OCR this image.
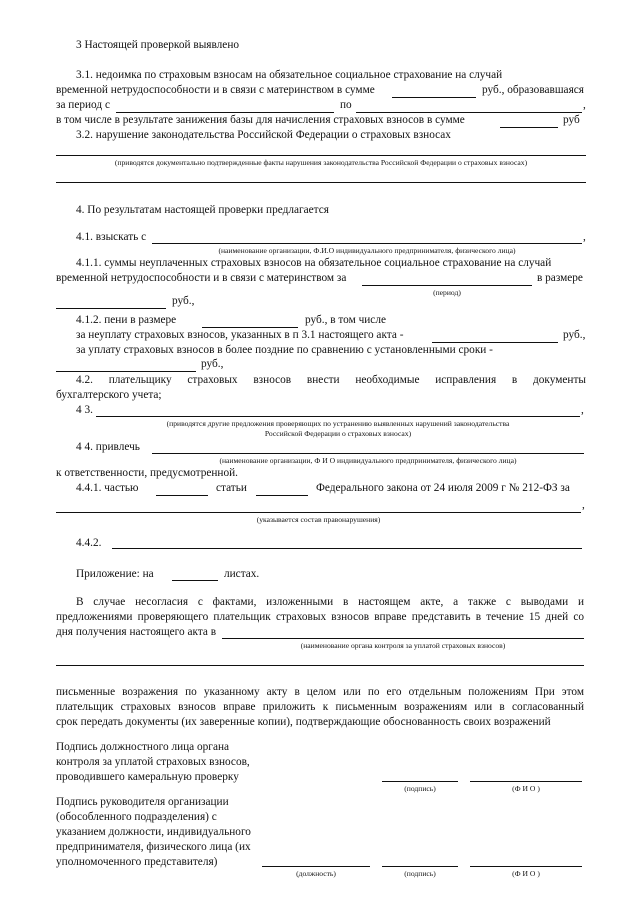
3 Настоящей проверкой выявлено
3.1. недоимка по страховым взносам на обязательное социальное страхование на случай
временной нетрудоспособности и в связи с материнством в сумме	руб., образовавшаяся
за период с	по	,
в том числе в результате занижения базы для начисления страховых взносов в сумме	руб
3.2. нарушение законодательства Российской Федерации о страховых взносах
(приводятся документально подтвержденные факты нарушения законодательства Российской Федерации о страховых взносах)
4. По результатам настоящей проверки предлагается
4.1. взыскать с	,
(наименование организации, Ф.И.О индивидуального предпринимателя, физического лица)
4.1.1. суммы неуплаченных страховых взносов на обязательное социальное страхование на случай
временной нетрудоспособности и в связи с материнством за	в размере
(период)
руб.,
4.1.2. пени в размере	руб., в том числе
за неуплату страховых взносов, указанных в п 3.1 настоящего акта -	руб.,
за уплату страховых взносов в более поздние по сравнению с установленными сроки -
руб.,
4.2. плательщику страховых взносов внести необходимые исправления в документы
бухгалтерского учета;
4 3.	,
(приводятся другие предложения проверяющих по устранению выявленных нарушений законодательства
Российской Федерации о страховых взносах)
4 4. привлечь
(наименование организации, Ф И О индивидуального предпринимателя, физического лица)
к ответственности, предусмотренной.
4.4.1. частью	статьи	Федерального закона от 24 июля 2009 г № 212-ФЗ за
,
(указывается состав правонарушения)
4.4.2.
Приложение: на	листах.
В случае несогласия с фактами, изложенными в настоящем акте, а также с выводами и
предложениями проверяющего плательщик страховых взносов вправе представить в течение 15 дней со
дня получения настоящего акта в
(наименование органа контроля за уплатой страховых взносов)
письменные возражения по указанному акту в целом или по его отдельным положениям При этом
плательщик страховых взносов вправе приложить к письменным возражениям или в согласованный
срок передать документы (их заверенные копии), подтверждающие обоснованность своих возражений
Подпись должностного лица органа
контроля за уплатой страховых взносов,
проводившего камеральную проверку
(подпись)	(Ф И О )
Подпись руководителя организации
(обособленного подразделения) с
указанием должности, индивидуального
предпринимателя, физического лица (их
уполномоченного представителя)
(должность)	(подпись)	(Ф И О )
